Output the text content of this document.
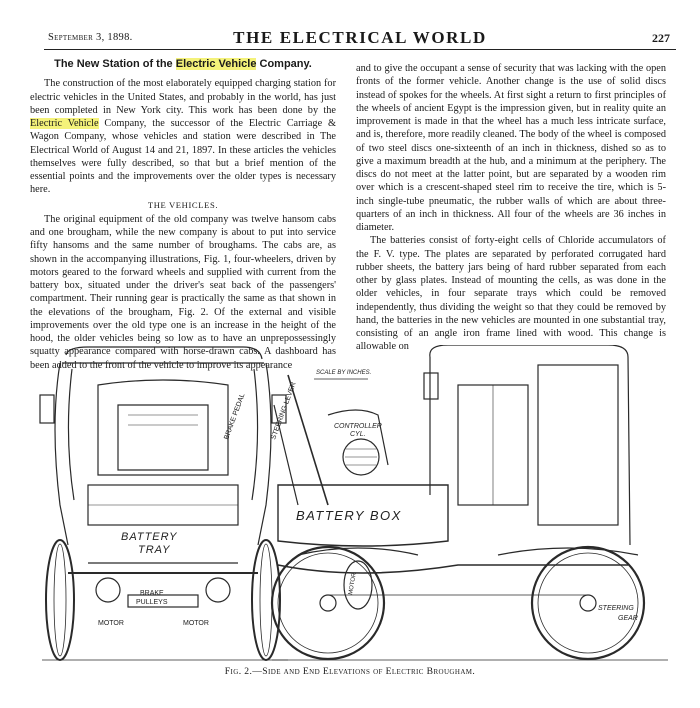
September 3, 1898.	THE ELECTRICAL WORLD	227
The New Station of the Electric Vehicle Company.

The construction of the most elaborately equipped charging station for electric vehicles in the United States, and probably in the world, has just been completed in New York city. This work has been done by the Electric Vehicle Company, the successor of the Electric Carriage & Wagon Company, whose vehicles and station were described in The Electrical World of August 14 and 21, 1897. In these articles the vehicles themselves were fully described, so that but a brief mention of the essential points and the improvements over the older types is necessary here.

THE VEHICLES.

The original equipment of the old company was twelve hansom cabs and one brougham, while the new company is about to put into service fifty hansoms and the same number of broughams. The cabs are, as shown in the accompanying illustrations, Fig. 1, four-wheelers, driven by motors geared to the forward wheels and supplied with current from the battery box, situated under the driver's seat back of the passengers' compartment. Their running gear is practically the same as that shown in the elevations of the brougham, Fig. 2. Of the external and visible improvements over the old type one is an increase in the height of the hood, the older vehicles being so low as to have an unprepossessingly squatty appearance compared with horse-drawn cabs. A dashboard has been added to the front of the vehicle to improve its appearance

and to give the occupant a sense of security that was lacking with the open fronts of the former vehicle. Another change is the use of solid discs instead of spokes for the wheels. At first sight a return to first principles of the wheels of ancient Egypt is the impression given, but in reality quite an improvement is made in that the wheel has a much less intricate surface, and is, therefore, more readily cleaned. The body of the wheel is composed of two steel discs one-sixteenth of an inch in thickness, dished so as to give a maximum breadth at the hub, and a minimum at the periphery. The discs do not meet at the latter point, but are separated by a wooden rim over which is a crescent-shaped steel rim to receive the tire, which is 5-inch single-tube pneumatic, the rubber walls of which are about three-quarters of an inch in thickness. All four of the wheels are 36 inches in diameter.

The batteries consist of forty-eight cells of Chloride accumulators of the F. V. type. The plates are separated by perforated corrugated hard rubber sheets, the battery jars being of hard rubber separated from each other by glass plates. Instead of mounting the cells, as was done in the older vehicles, in four separate trays which could be removed independently, thus dividing the weight so that they could be removed by hand, the batteries in the new vehicles are mounted in one substantial tray, consisting of an angle iron frame lined with wood. This change is allowable on

BATTERY
TRAY
BRAKE
PULLEYS
MOTOR	MOTOR
BRAKE PEDAL	STEERING LEVER
SCALE BY INCHES.
CONTROLLER
CYL.
BATTERY BOX
MOTOR
STEERING
GEAR
Fig. 2.—Side and End Elevations of Electric Brougham.
